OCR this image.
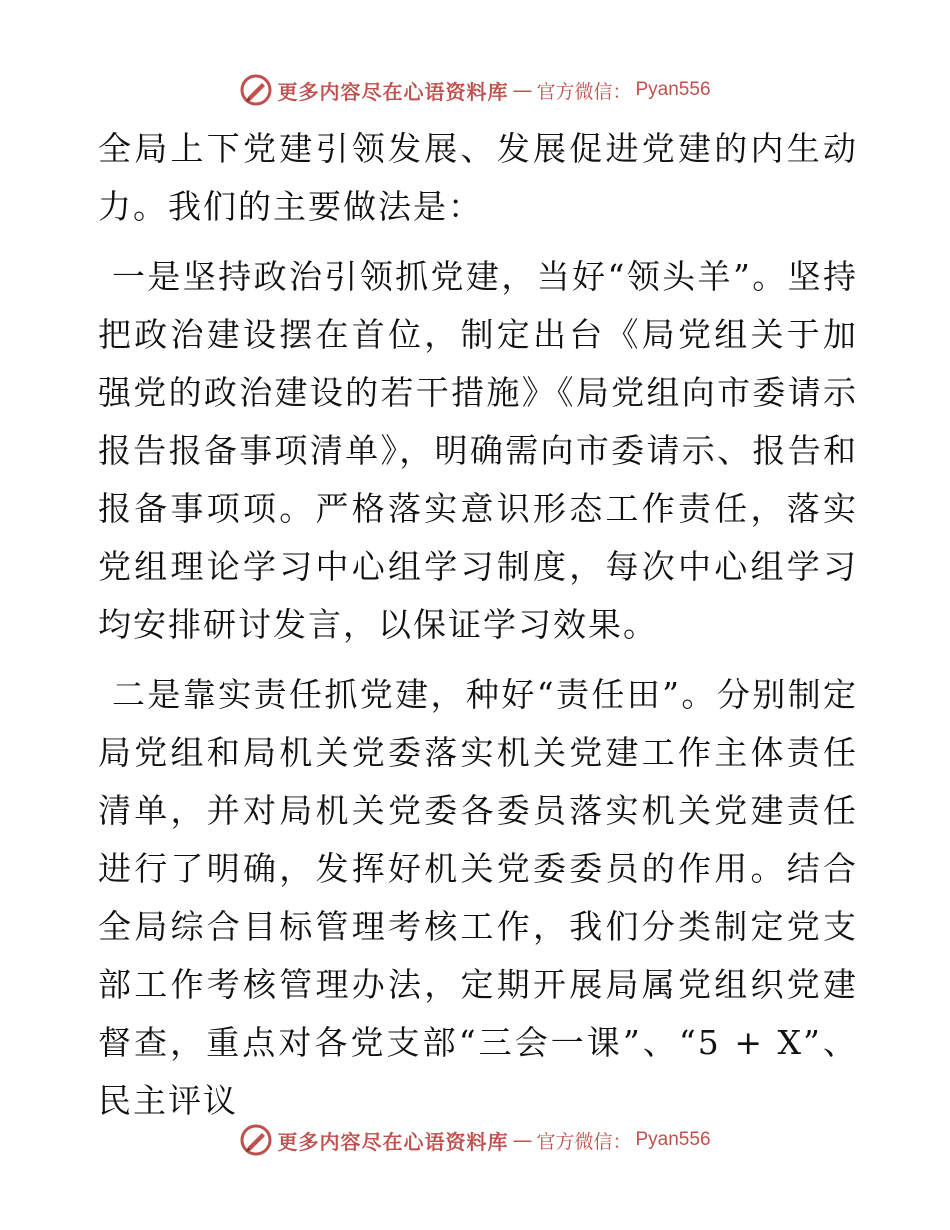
更多内容尽在心语资料库 — 官方微信： Pyan556

全局上下党建引领发展、发展促进党建的内生动力。我们的主要做法是：

一是坚持政治引领抓党建，当好“领头羊”。坚持把政治建设摆在首位，制定出台《局党组关于加强党的政治建设的若干措施》《局党组向市委请示报告报备事项清单》，明确需向市委请示、报告和报备事项项。严格落实意识形态工作责任，落实党组理论学习中心组学习制度，每次中心组学习均安排研讨发言，以保证学习效果。

二是靠实责任抓党建，种好“责任田”。分别制定局党组和局机关党委落实机关党建工作主体责任清单，并对局机关党委各委员落实机关党建责任进行了明确，发挥好机关党委委员的作用。结合全局综合目标管理考核工作，我们分类制定党支部工作考核管理办法，定期开展局属党组织党建督查，重点对各党支部“三会一课”、“5 + X”、民主评议

更多内容尽在心语资料库 — 官方微信： Pyan556
